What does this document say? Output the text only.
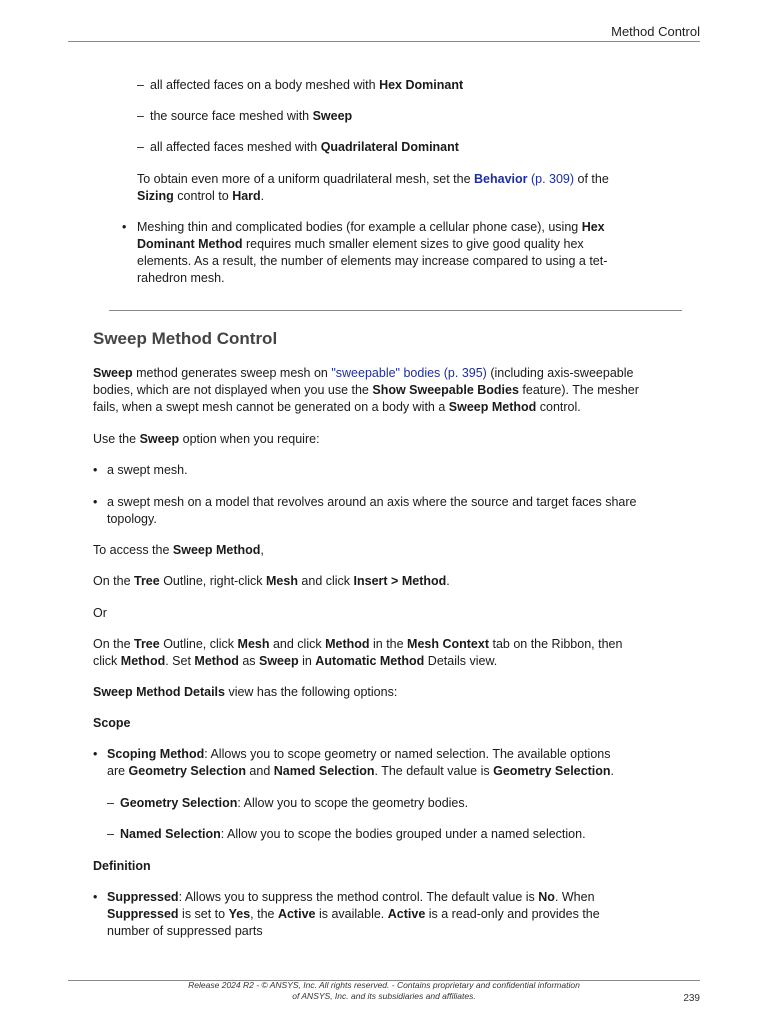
Method Control
– all affected faces on a body meshed with Hex Dominant
– the source face meshed with Sweep
– all affected faces meshed with Quadrilateral Dominant
To obtain even more of a uniform quadrilateral mesh, set the Behavior (p. 309) of the
Sizing control to Hard.
• Meshing thin and complicated bodies (for example a cellular phone case), using Hex
Dominant Method requires much smaller element sizes to give good quality hex
elements. As a result, the number of elements may increase compared to using a tet-
rahedron mesh.
Sweep Method Control
Sweep method generates sweep mesh on "sweepable" bodies (p. 395) (including axis-sweepable
bodies, which are not displayed when you use the Show Sweepable Bodies feature). The mesher
fails, when a swept mesh cannot be generated on a body with a Sweep Method control.
Use the Sweep option when you require:
• a swept mesh.
• a swept mesh on a model that revolves around an axis where the source and target faces share
topology.
To access the Sweep Method,
On the Tree Outline, right-click Mesh and click Insert > Method.
Or
On the Tree Outline, click Mesh and click Method in the Mesh Context tab on the Ribbon, then
click Method. Set Method as Sweep in Automatic Method Details view.
Sweep Method Details view has the following options:
Scope
• Scoping Method: Allows you to scope geometry or named selection. The available options
are Geometry Selection and Named Selection. The default value is Geometry Selection.
– Geometry Selection: Allow you to scope the geometry bodies.
– Named Selection: Allow you to scope the bodies grouped under a named selection.
Definition
• Suppressed: Allows you to suppress the method control. The default value is No. When
Suppressed is set to Yes, the Active is available. Active is a read-only and provides the
number of suppressed parts
Release 2024 R2 - © ANSYS, Inc. All rights reserved. - Contains proprietary and confidential information
of ANSYS, Inc. and its subsidiaries and affiliates.	239
